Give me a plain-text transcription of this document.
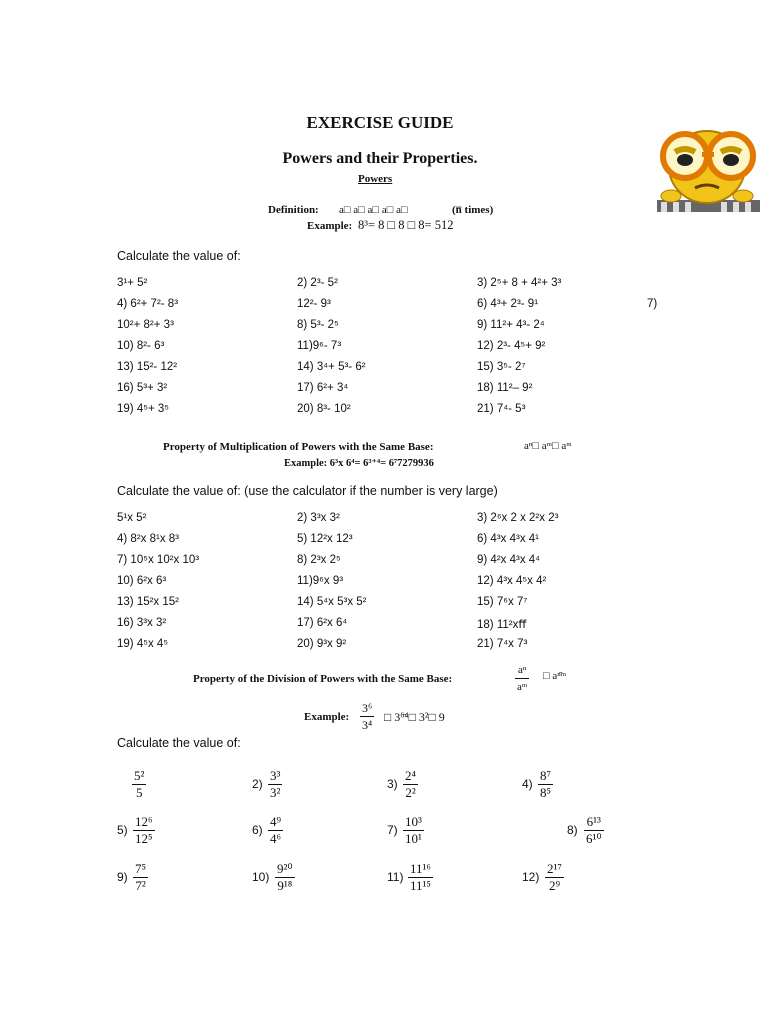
EXERCISE GUIDE
Powers and their Properties.
Powers
Definition: a□ a□ a□ a□ a□	(n̅ times)
Example: 8³= 8 □ 8 □ 8= 512
Calculate the value of:
3¹+ 5²	2) 2³- 5²	3) 2⁵+ 8 + 4²+ 3³
4) 6²+ 7²- 8³	12²- 9³	6) 4³+ 2³- 9¹	7)
10²+ 8²+ 3³	8) 5³- 2⁵	9) 11²+ 4³- 2⁴
10) 8²- 6³	11)9⁶- 7³	12) 2³- 4⁵+ 9²
13) 15²- 12²	14) 3⁴+ 5³- 6²	15) 3⁵- 2⁷
16) 5³+ 3²	17) 6²+ 3⁴	18) 11²– 9²
19) 4⁵+ 3⁵	20) 8³- 10²	21) 7⁴- 5³
Property of Multiplication of Powers with the Same Base:	aⁿ□ aᵐ□ aᵐ
Example: 6³x 6⁴= 6³⁺⁴= 6⁷7279936
Calculate the value of: (use the calculator if the number is very large)
5¹x 5²	2) 3³x 3²	3) 2⁶x 2 x 2²x 2³
4) 8²x 8¹x 8³	5) 12²x 12³	6) 4³x 4³x 4¹
7) 10⁵x 10²x 10³	8) 2³x 2⁵	9) 4²x 4³x 4⁴
10) 6²x 6³	11)9⁶x 9³	12) 4³x 4⁵x 4²
13) 15²x 15²	14) 5⁴x 5³x 5²	15) 7⁶x 7⁷
16) 3³x 3²	17) 6²x 6⁴	18) 11²xﬀ
19) 4⁵x 4⁵	20) 9³x 9²	21) 7⁴x 7³
Property of the Division of Powers with the Same Base:	$\frac{\text{aⁿ}}{\text{aᵐ}}$ □ aⁿ̄ᵐ
Example: $\frac{\text{3⁶}}{\text{3⁴}}$ □ 3⁶̄⁴□ 3²□ 9
Calculate the value of:
$\frac{\text{5²}}{5}$	$2) \frac{\text{3³}}{\text{3²}}$	$3) \frac{\text{2⁴}}{\text{2²}}$	$4) \frac{\text{8⁷}}{\text{8⁵}}$
$5) \frac{\text{12⁶}}{\text{12⁵}}$	$6) \frac{\text{4⁹}}{\text{4⁶}}$	$7) \frac{\text{10³}}{\text{10¹}}$	$8) \frac{\text{6¹³}}{\text{6¹⁰}}$
$9) \frac{\text{7⁵}}{\text{7²}}$	$10) \frac{\text{9²⁰}}{\text{9¹⁸}}$	$11) \frac{\text{11¹⁶}}{\text{11¹⁵}}$	$12) \frac{\text{2¹⁷}}{\text{2⁹}}$
